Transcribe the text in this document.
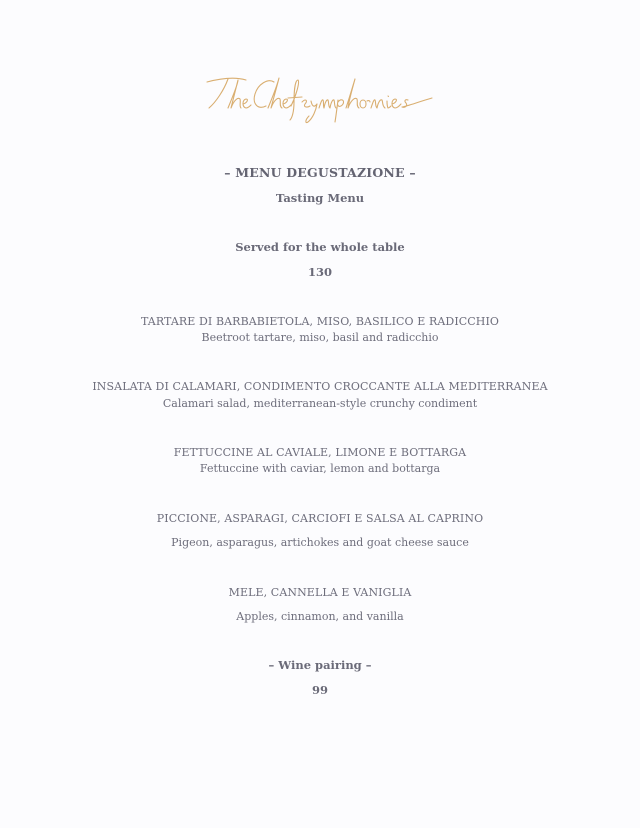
– MENU DEGUSTAZIONE –
Tasting Menu
Served for the whole table
130
TARTARE DI BARBABIETOLA, MISO, BASILICO E RADICCHIO
Beetroot tartare, miso, basil and radicchio
INSALATA DI CALAMARI, CONDIMENTO CROCCANTE ALLA MEDITERRANEA
Calamari salad, mediterranean-style crunchy condiment
FETTUCCINE AL CAVIALE, LIMONE E BOTTARGA
Fettuccine with caviar, lemon and bottarga
PICCIONE, ASPARAGI, CARCIOFI E SALSA AL CAPRINO
Pigeon, asparagus, artichokes and goat cheese sauce
MELE, CANNELLA E VANIGLIA
Apples, cinnamon, and vanilla
– Wine pairing –
99
